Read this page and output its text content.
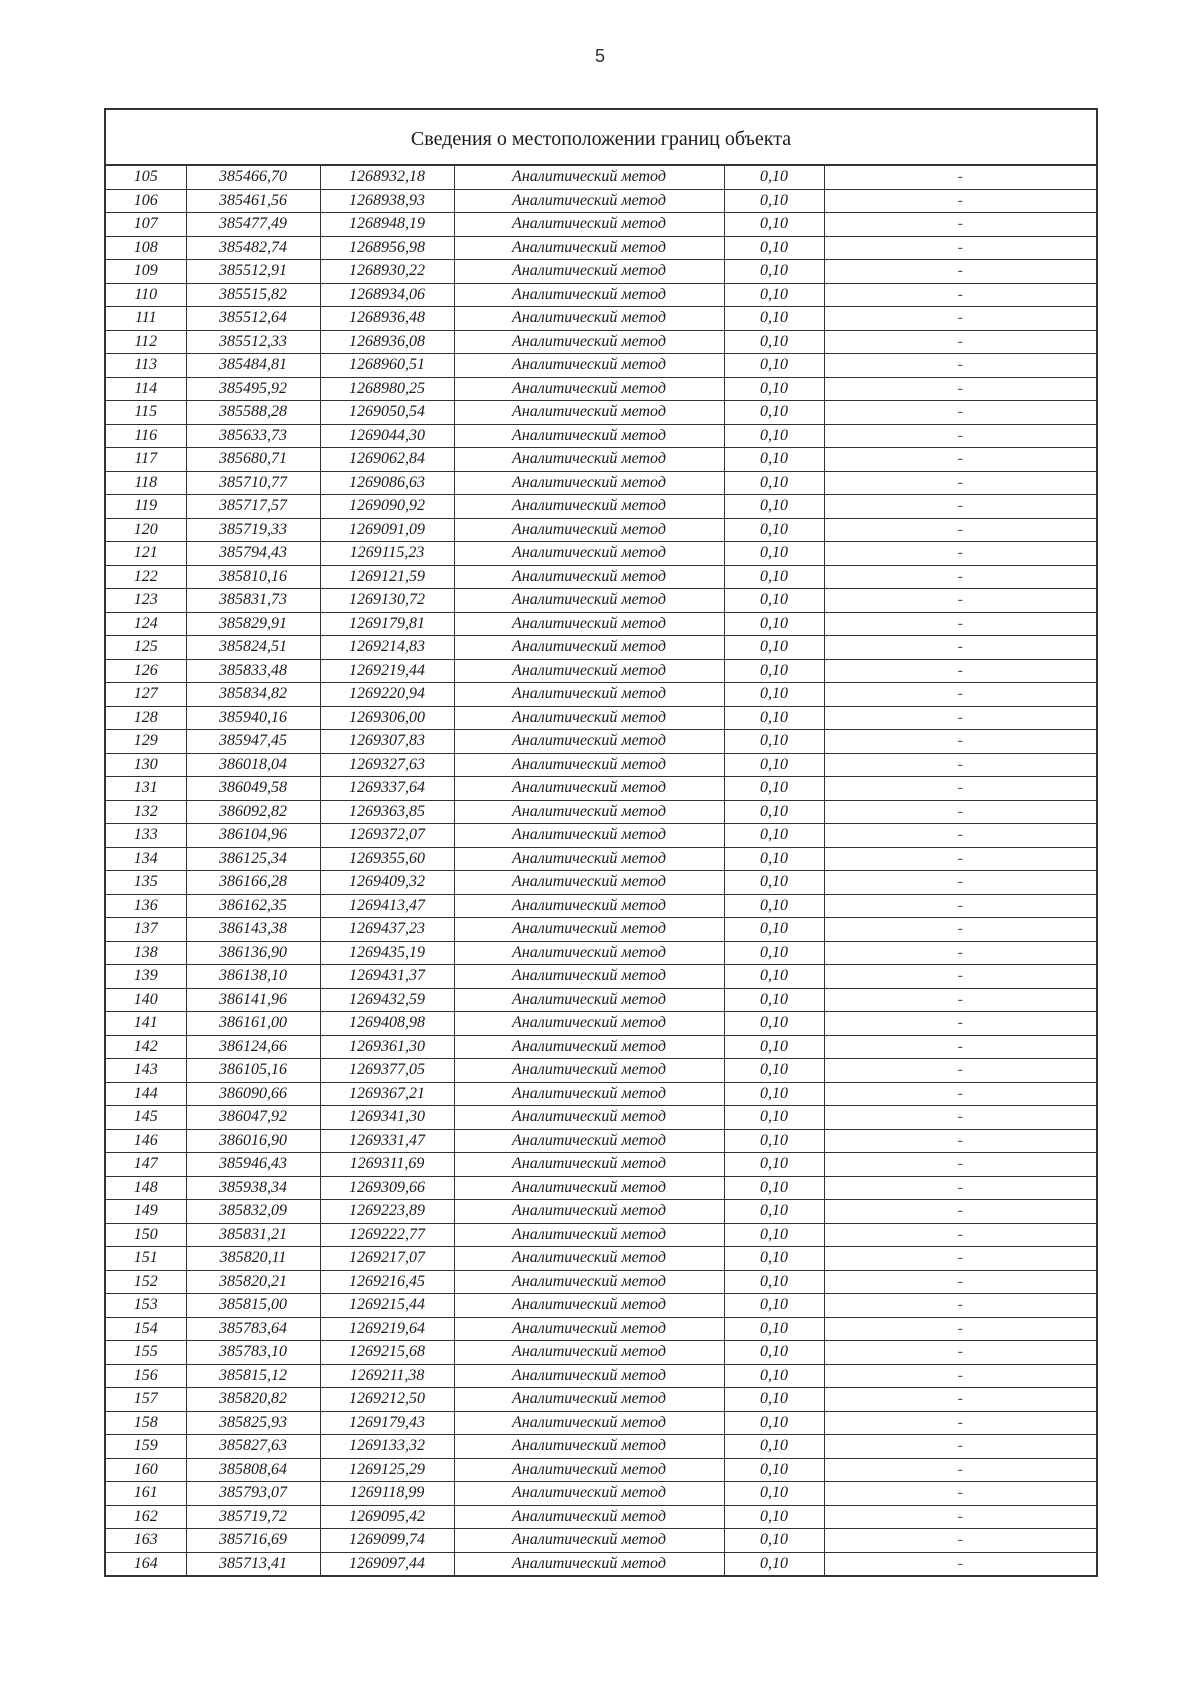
5
Сведения о местоположении границ объекта
105	385466,70	1268932,18	Аналитический метод	0,10	-
106	385461,56	1268938,93	Аналитический метод	0,10	-
107	385477,49	1268948,19	Аналитический метод	0,10	-
108	385482,74	1268956,98	Аналитический метод	0,10	-
109	385512,91	1268930,22	Аналитический метод	0,10	-
110	385515,82	1268934,06	Аналитический метод	0,10	-
111	385512,64	1268936,48	Аналитический метод	0,10	-
112	385512,33	1268936,08	Аналитический метод	0,10	-
113	385484,81	1268960,51	Аналитический метод	0,10	-
114	385495,92	1268980,25	Аналитический метод	0,10	-
115	385588,28	1269050,54	Аналитический метод	0,10	-
116	385633,73	1269044,30	Аналитический метод	0,10	-
117	385680,71	1269062,84	Аналитический метод	0,10	-
118	385710,77	1269086,63	Аналитический метод	0,10	-
119	385717,57	1269090,92	Аналитический метод	0,10	-
120	385719,33	1269091,09	Аналитический метод	0,10	-
121	385794,43	1269115,23	Аналитический метод	0,10	-
122	385810,16	1269121,59	Аналитический метод	0,10	-
123	385831,73	1269130,72	Аналитический метод	0,10	-
124	385829,91	1269179,81	Аналитический метод	0,10	-
125	385824,51	1269214,83	Аналитический метод	0,10	-
126	385833,48	1269219,44	Аналитический метод	0,10	-
127	385834,82	1269220,94	Аналитический метод	0,10	-
128	385940,16	1269306,00	Аналитический метод	0,10	-
129	385947,45	1269307,83	Аналитический метод	0,10	-
130	386018,04	1269327,63	Аналитический метод	0,10	-
131	386049,58	1269337,64	Аналитический метод	0,10	-
132	386092,82	1269363,85	Аналитический метод	0,10	-
133	386104,96	1269372,07	Аналитический метод	0,10	-
134	386125,34	1269355,60	Аналитический метод	0,10	-
135	386166,28	1269409,32	Аналитический метод	0,10	-
136	386162,35	1269413,47	Аналитический метод	0,10	-
137	386143,38	1269437,23	Аналитический метод	0,10	-
138	386136,90	1269435,19	Аналитический метод	0,10	-
139	386138,10	1269431,37	Аналитический метод	0,10	-
140	386141,96	1269432,59	Аналитический метод	0,10	-
141	386161,00	1269408,98	Аналитический метод	0,10	-
142	386124,66	1269361,30	Аналитический метод	0,10	-
143	386105,16	1269377,05	Аналитический метод	0,10	-
144	386090,66	1269367,21	Аналитический метод	0,10	-
145	386047,92	1269341,30	Аналитический метод	0,10	-
146	386016,90	1269331,47	Аналитический метод	0,10	-
147	385946,43	1269311,69	Аналитический метод	0,10	-
148	385938,34	1269309,66	Аналитический метод	0,10	-
149	385832,09	1269223,89	Аналитический метод	0,10	-
150	385831,21	1269222,77	Аналитический метод	0,10	-
151	385820,11	1269217,07	Аналитический метод	0,10	-
152	385820,21	1269216,45	Аналитический метод	0,10	-
153	385815,00	1269215,44	Аналитический метод	0,10	-
154	385783,64	1269219,64	Аналитический метод	0,10	-
155	385783,10	1269215,68	Аналитический метод	0,10	-
156	385815,12	1269211,38	Аналитический метод	0,10	-
157	385820,82	1269212,50	Аналитический метод	0,10	-
158	385825,93	1269179,43	Аналитический метод	0,10	-
159	385827,63	1269133,32	Аналитический метод	0,10	-
160	385808,64	1269125,29	Аналитический метод	0,10	-
161	385793,07	1269118,99	Аналитический метод	0,10	-
162	385719,72	1269095,42	Аналитический метод	0,10	-
163	385716,69	1269099,74	Аналитический метод	0,10	-
164	385713,41	1269097,44	Аналитический метод	0,10	-
